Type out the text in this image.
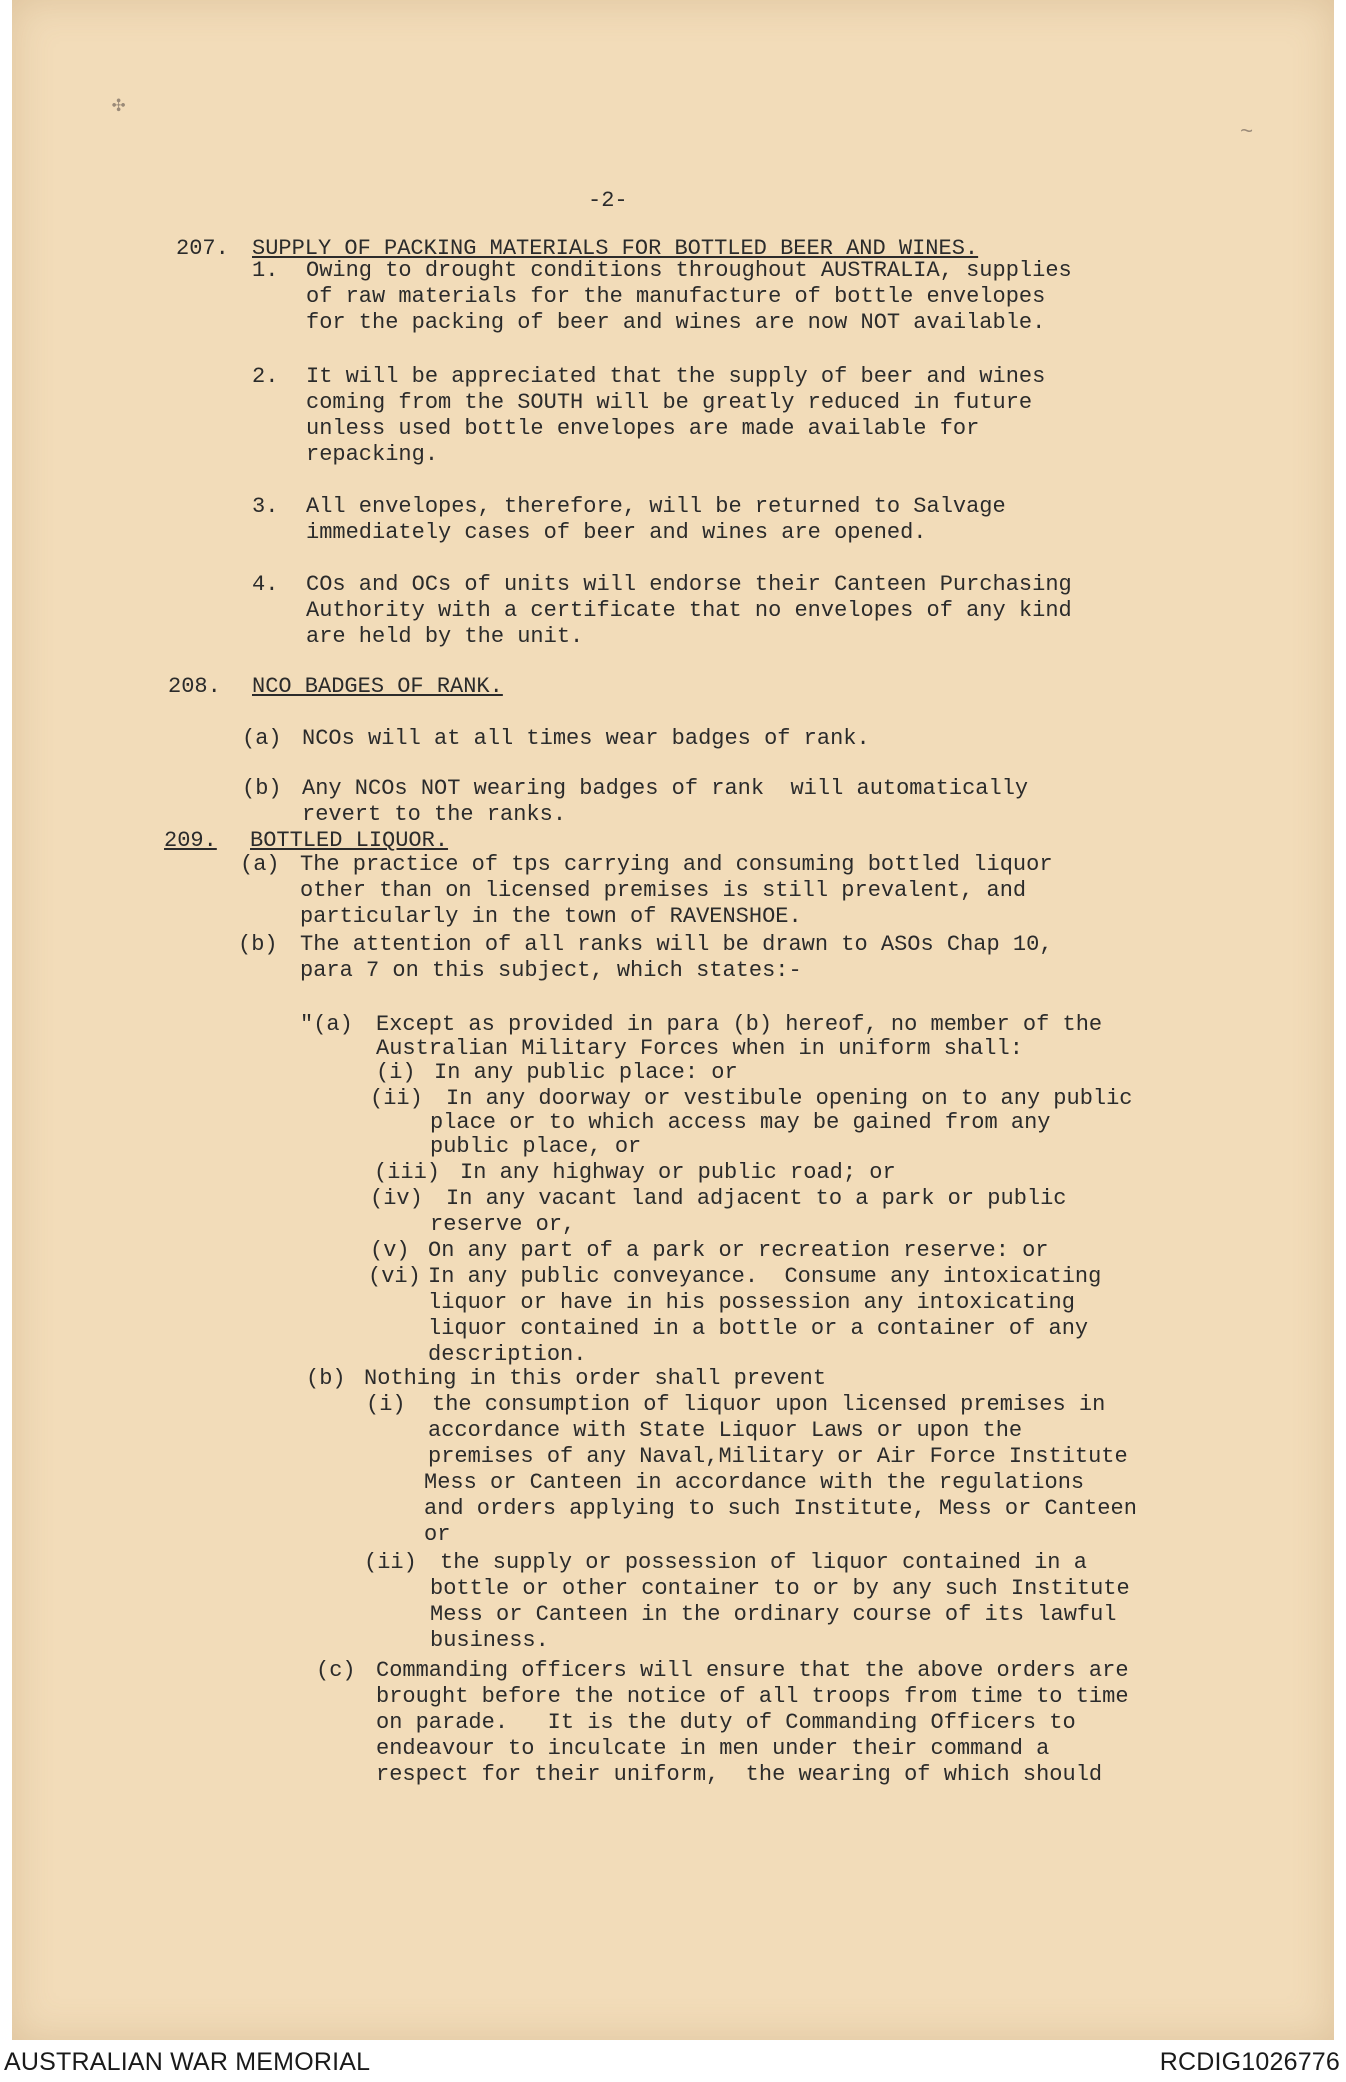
✣
~
-2-
207. SUPPLY OF PACKING MATERIALS FOR BOTTLED BEER AND WINES.
1. Owing to drought conditions throughout AUSTRALIA, supplies
of raw materials for the manufacture of bottle envelopes
for the packing of beer and wines are now NOT available.
2. It will be appreciated that the supply of beer and wines
coming from the SOUTH will be greatly reduced in future
unless used bottle envelopes are made available for
repacking.
3. All envelopes, therefore, will be returned to Salvage
immediately cases of beer and wines are opened.
4. COs and OCs of units will endorse their Canteen Purchasing
Authority with a certificate that no envelopes of any kind
are held by the unit.
208. NCO BADGES OF RANK.
(a) NCOs will at all times wear badges of rank.
(b) Any NCOs NOT wearing badges of rank  will automatically
revert to the ranks.
209. BOTTLED LIQUOR.
(a) The practice of tps carrying and consuming bottled liquor
other than on licensed premises is still prevalent, and
particularly in the town of RAVENSHOE.
(b) The attention of all ranks will be drawn to ASOs Chap 10,
para 7 on this subject, which states:-
"(a) Except as provided in para (b) hereof, no member of the
Australian Military Forces when in uniform shall:
(i) In any public place: or
(ii) In any doorway or vestibule opening on to any public
place or to which access may be gained from any
public place, or
(iii) In any highway or public road; or
(iv) In any vacant land adjacent to a park or public
reserve or,
(v) On any part of a park or recreation reserve: or
(vi) In any public conveyance.  Consume any intoxicating
liquor or have in his possession any intoxicating
liquor contained in a bottle or a container of any
description.
(b) Nothing in this order shall prevent
(i) the consumption of liquor upon licensed premises in
accordance with State Liquor Laws or upon the
premises of any Naval,Military or Air Force Institute
Mess or Canteen in accordance with the regulations
and orders applying to such Institute, Mess or Canteen
or
(ii) the supply or possession of liquor contained in a
bottle or other container to or by any such Institute
Mess or Canteen in the ordinary course of its lawful
business.
(c) Commanding officers will ensure that the above orders are
brought before the notice of all troops from time to time
on parade.   It is the duty of Commanding Officers to
endeavour to inculcate in men under their command a
respect for their uniform,  the wearing of which should
AUSTRALIAN WAR MEMORIAL	RCDIG1026776
